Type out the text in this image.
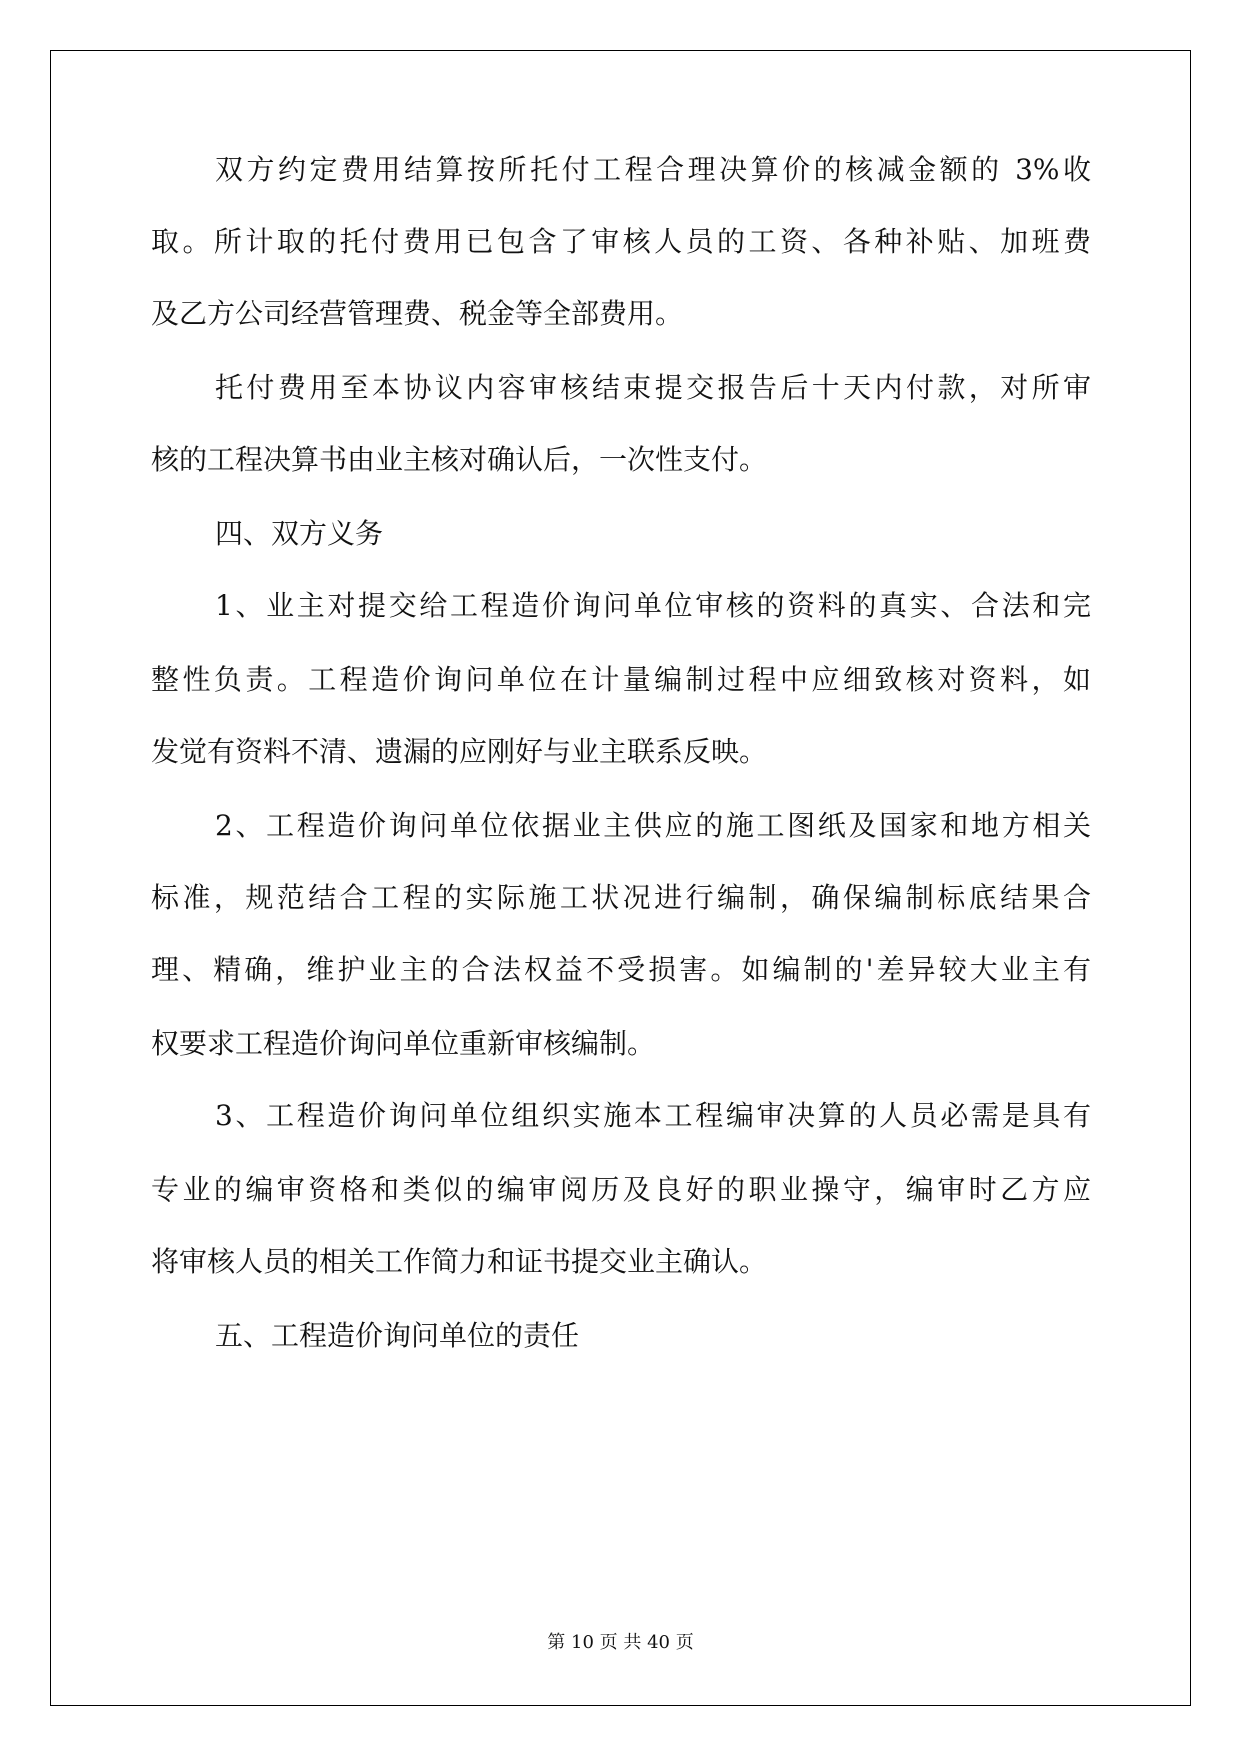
双方约定费用结算按所托付工程合理决算价的核减金额的 3%收
取。所计取的托付费用已包含了审核人员的工资、各种补贴、加班费
及乙方公司经营管理费、税金等全部费用。
托付费用至本协议内容审核结束提交报告后十天内付款，对所审
核的工程决算书由业主核对确认后，一次性支付。
四、双方义务
1、业主对提交给工程造价询问单位审核的资料的真实、合法和完
整性负责。工程造价询问单位在计量编制过程中应细致核对资料，如
发觉有资料不清、遗漏的应刚好与业主联系反映。
2、工程造价询问单位依据业主供应的施工图纸及国家和地方相关
标准，规范结合工程的实际施工状况进行编制，确保编制标底结果合
理、精确，维护业主的合法权益不受损害。如编制的'差异较大业主有
权要求工程造价询问单位重新审核编制。
3、工程造价询问单位组织实施本工程编审决算的人员必需是具有
专业的编审资格和类似的编审阅历及良好的职业操守，编审时乙方应
将审核人员的相关工作简力和证书提交业主确认。
五、工程造价询问单位的责任
第 10 页 共 40 页
